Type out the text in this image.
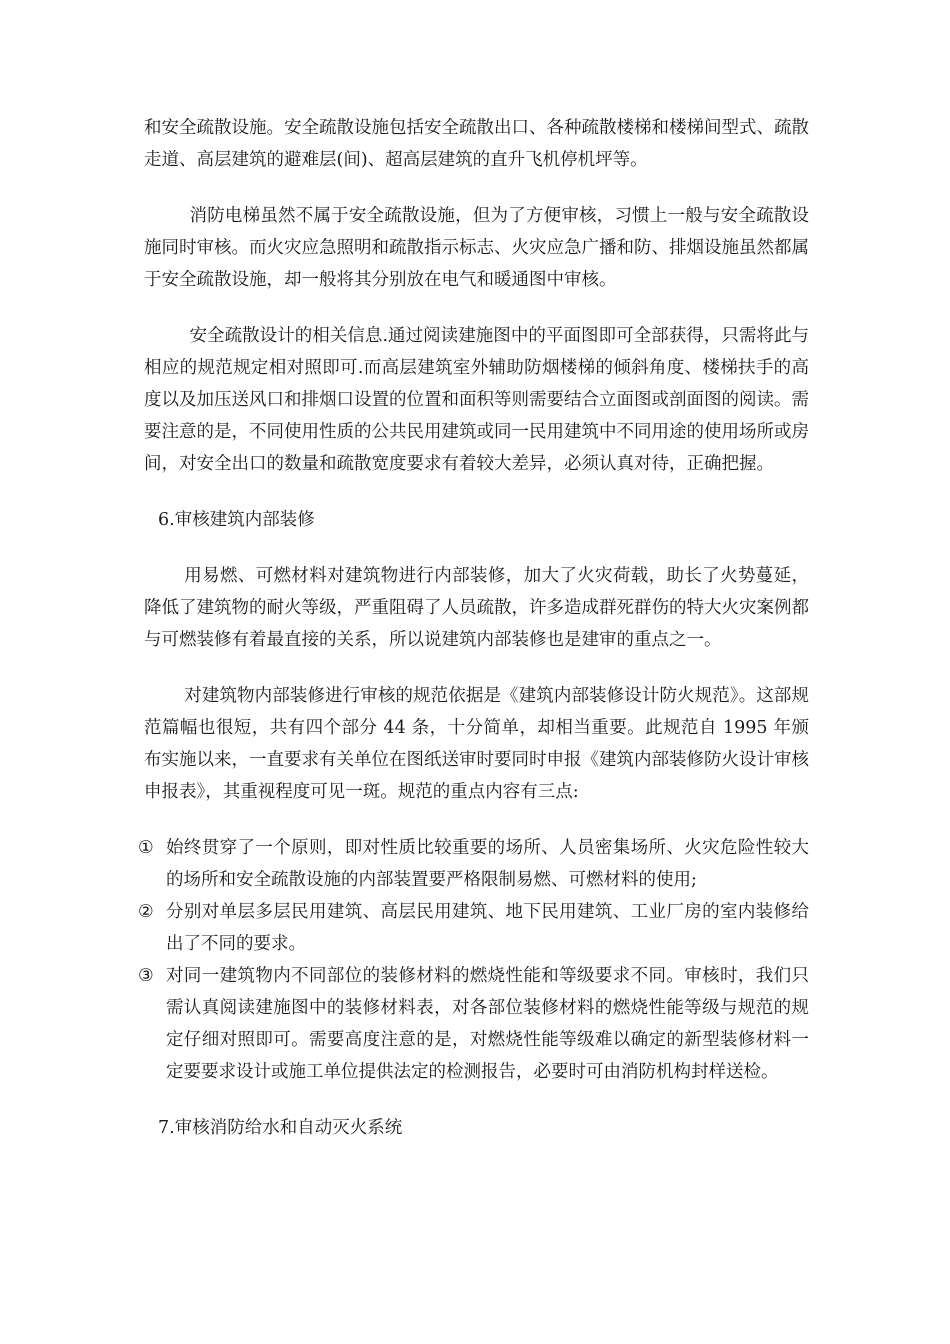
和安全疏散设施。安全疏散设施包括安全疏散出口、各种疏散楼梯和楼梯间型式、疏散走道、高层建筑的避难层(间)、超高层建筑的直升飞机停机坪等。

消防电梯虽然不属于安全疏散设施，但为了方便审核，习惯上一般与安全疏散设施同时审核。而火灾应急照明和疏散指示标志、火灾应急广播和防、排烟设施虽然都属于安全疏散设施，却一般将其分别放在电气和暖通图中审核。

安全疏散设计的相关信息.通过阅读建施图中的平面图即可全部获得，只需将此与相应的规范规定相对照即可.而高层建筑室外辅助防烟楼梯的倾斜角度、楼梯扶手的高度以及加压送风口和排烟口设置的位置和面积等则需要结合立面图或剖面图的阅读。需要注意的是，不同使用性质的公共民用建筑或同一民用建筑中不同用途的使用场所或房间，对安全出口的数量和疏散宽度要求有着较大差异，必须认真对待，正确把握。

6.审核建筑内部装修

用易燃、可燃材料对建筑物进行内部装修，加大了火灾荷载，助长了火势蔓延，降低了建筑物的耐火等级，严重阻碍了人员疏散，许多造成群死群伤的特大火灾案例都与可燃装修有着最直接的关系，所以说建筑内部装修也是建审的重点之一。

对建筑物内部装修进行审核的规范依据是《建筑内部装修设计防火规范》。这部规范篇幅也很短，共有四个部分 44 条，十分简单，却相当重要。此规范自 1995 年颁布实施以来，一直要求有关单位在图纸送审时要同时申报《建筑内部装修防火设计审核申报表》，其重视程度可见一斑。规范的重点内容有三点:

① 始终贯穿了一个原则，即对性质比较重要的场所、人员密集场所、火灾危险性较大的场所和安全疏散设施的内部装置要严格限制易燃、可燃材料的使用;
② 分别对单层多层民用建筑、高层民用建筑、地下民用建筑、工业厂房的室内装修给出了不同的要求。
③ 对同一建筑物内不同部位的装修材料的燃烧性能和等级要求不同。审核时，我们只需认真阅读建施图中的装修材料表，对各部位装修材料的燃烧性能等级与规范的规定仔细对照即可。需要高度注意的是，对燃烧性能等级难以确定的新型装修材料一定要要求设计或施工单位提供法定的检测报告，必要时可由消防机构封样送检。

7.审核消防给水和自动灭火系统
